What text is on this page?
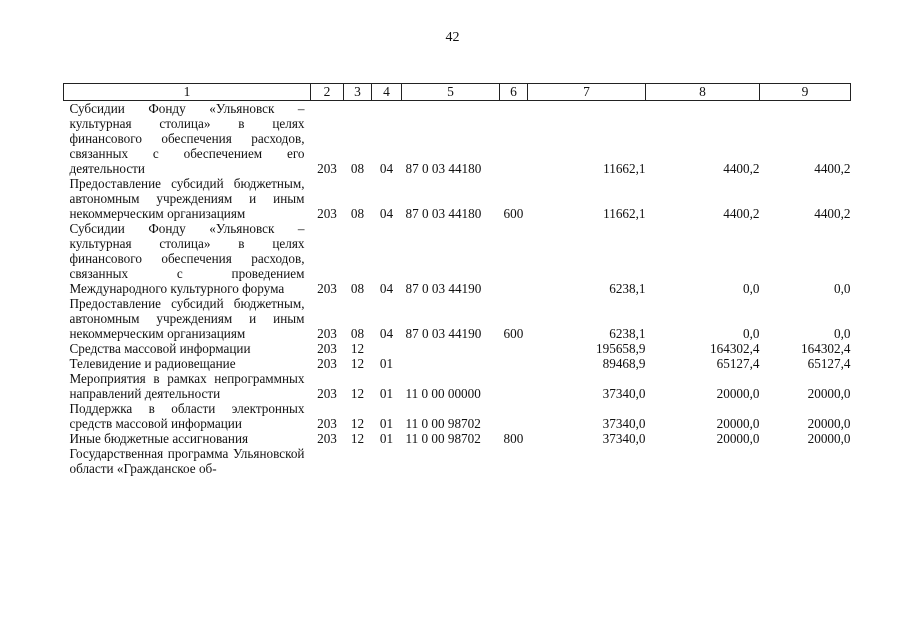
42
1	2	3	4	5	6	7	8	9
Субсидии Фонду «Ульяновск – культурная столица» в целях финансового обеспечения расходов, связанных с обеспечением его деятельности	203	08	04	87 0 03 44180		11662,1	4400,2	4400,2
Предоставление субсидий бюджетным, автономным учреждениям и иным некоммерческим организациям	203	08	04	87 0 03 44180	600	11662,1	4400,2	4400,2
Субсидии Фонду «Ульяновск – культурная столица» в целях финансового обеспечения расходов, связанных с проведением Международного культурного форума	203	08	04	87 0 03 44190		6238,1	0,0	0,0
Предоставление субсидий бюджетным, автономным учреждениям и иным некоммерческим организациям	203	08	04	87 0 03 44190	600	6238,1	0,0	0,0
Средства массовой информации	203	12				195658,9	164302,4	164302,4
Телевидение и радиовещание	203	12	01			89468,9	65127,4	65127,4
Мероприятия в рамках непрограммных направлений деятельности	203	12	01	11 0 00 00000		37340,0	20000,0	20000,0
Поддержка в области электронных средств массовой информации	203	12	01	11 0 00 98702		37340,0	20000,0	20000,0
Иные бюджетные ассигнования	203	12	01	11 0 00 98702	800	37340,0	20000,0	20000,0
Государственная программа Ульяновской области «Гражданское об-								
